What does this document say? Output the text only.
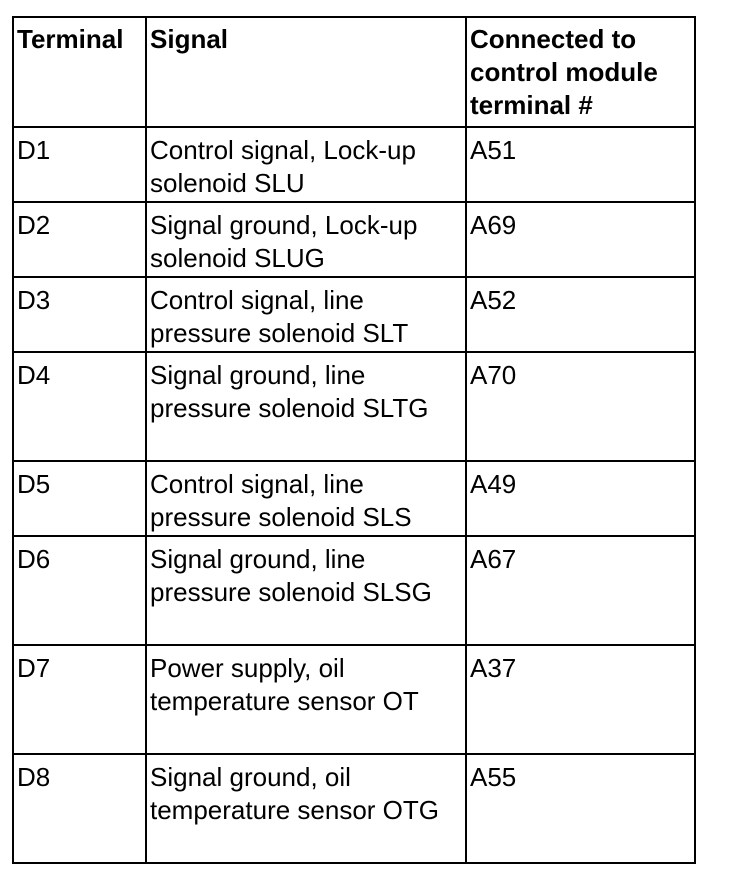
Terminal	Signal	Connected to control module terminal #
D1	Control signal, Lock-up solenoid SLU	A51
D2	Signal ground, Lock-up solenoid SLUG	A69
D3	Control signal, line pressure solenoid SLT	A52
D4	Signal ground, line pressure solenoid SLTG	A70
D5	Control signal, line pressure solenoid SLS	A49
D6	Signal ground, line pressure solenoid SLSG	A67
D7	Power supply, oil temperature sensor OT	A37
D8	Signal ground, oil temperature sensor OTG	A55
